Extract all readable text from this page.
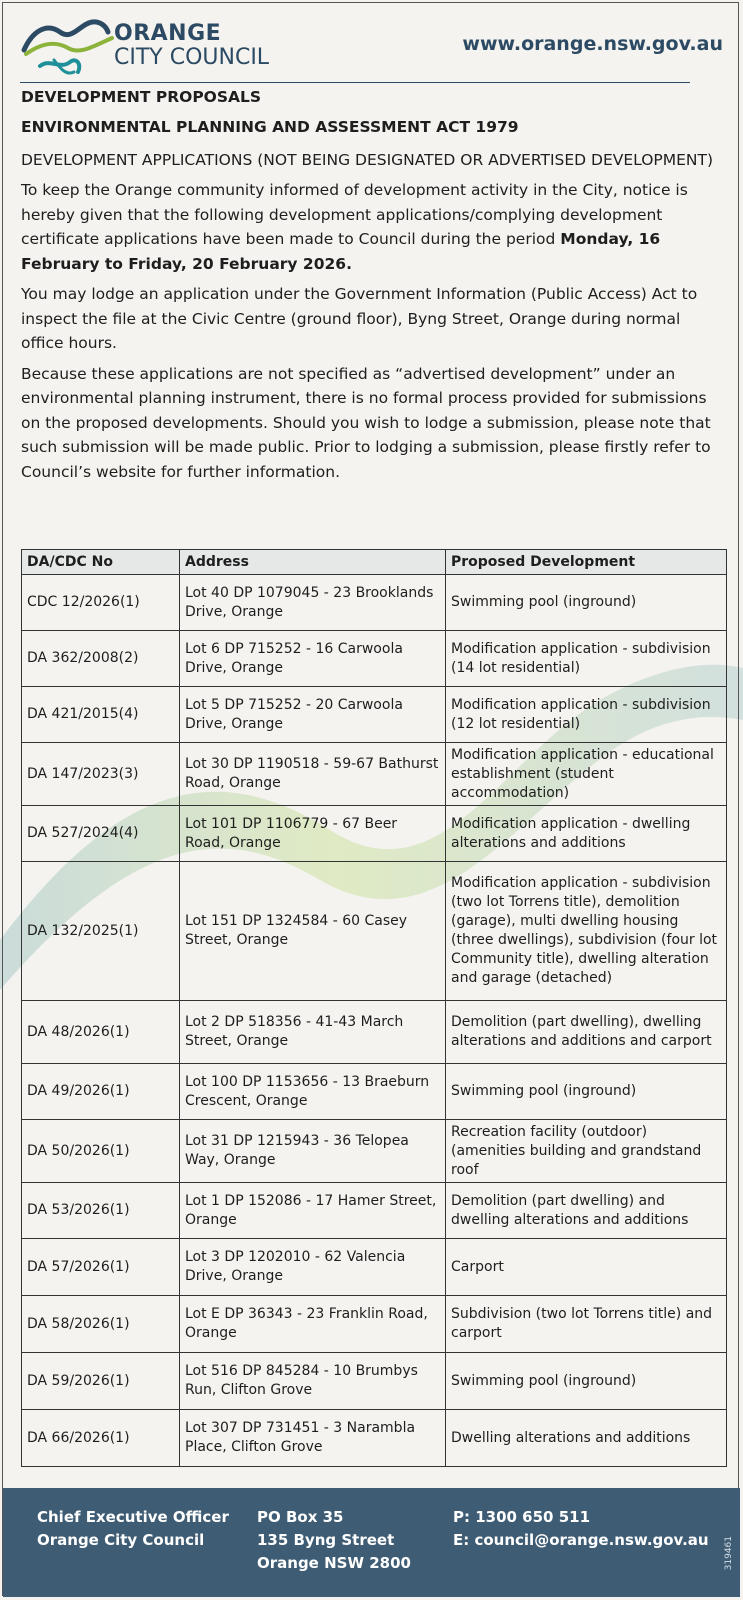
ORANGE
CITY COUNCIL
www.orange.nsw.gov.au
DEVELOPMENT PROPOSALS
ENVIRONMENTAL PLANNING AND ASSESSMENT ACT 1979
DEVELOPMENT APPLICATIONS (NOT BEING DESIGNATED OR ADVERTISED DEVELOPMENT)
To keep the Orange community informed of development activity in the City, notice is hereby given that the following development applications/complying development certificate applications have been made to Council during the period Monday, 16 February to Friday, 20 February 2026.
You may lodge an application under the Government Information (Public Access) Act to inspect the file at the Civic Centre (ground floor), Byng Street, Orange during normal office hours.
Because these applications are not specified as “advertised development” under an environmental planning instrument, there is no formal process provided for submissions on the proposed developments. Should you wish to lodge a submission, please note that such submission will be made public. Prior to lodging a submission, please firstly refer to Council’s website for further information.
DA/CDC No	Address	Proposed Development
CDC 12/2026(1)	Lot 40 DP 1079045 - 23 Brooklands Drive, Orange	Swimming pool (inground)
DA 362/2008(2)	Lot 6 DP 715252 - 16 Carwoola Drive, Orange	Modification application - subdivision (14 lot residential)
DA 421/2015(4)	Lot 5 DP 715252 - 20 Carwoola Drive, Orange	Modification application - subdivision (12 lot residential)
DA 147/2023(3)	Lot 30 DP 1190518 - 59-67 Bathurst Road, Orange	Modification application - educational establishment (student accommodation)
DA 527/2024(4)	Lot 101 DP 1106779 - 67 Beer Road, Orange	Modification application - dwelling alterations and additions
DA 132/2025(1)	Lot 151 DP 1324584 - 60 Casey Street, Orange	Modification application - subdivision (two lot Torrens title), demolition (garage), multi dwelling housing (three dwellings), subdivision (four lot Community title), dwelling alteration and garage (detached)
DA 48/2026(1)	Lot 2 DP 518356 - 41-43 March Street, Orange	Demolition (part dwelling), dwelling alterations and additions and carport
DA 49/2026(1)	Lot 100 DP 1153656 - 13 Braeburn Crescent, Orange	Swimming pool (inground)
DA 50/2026(1)	Lot 31 DP 1215943 - 36 Telopea Way, Orange	Recreation facility (outdoor) (amenities building and grandstand roof
DA 53/2026(1)	Lot 1 DP 152086 - 17 Hamer Street, Orange	Demolition (part dwelling) and dwelling alterations and additions
DA 57/2026(1)	Lot 3 DP 1202010 - 62 Valencia Drive, Orange	Carport
DA 58/2026(1)	Lot E DP 36343 - 23 Franklin Road, Orange	Subdivision (two lot Torrens title) and carport
DA 59/2026(1)	Lot 516 DP 845284 - 10 Brumbys Run, Clifton Grove	Swimming pool (inground)
DA 66/2026(1)	Lot 307 DP 731451 - 3 Narambla Place, Clifton Grove	Dwelling alterations and additions
Chief Executive Officer
Orange City Council
PO Box 35
135 Byng Street
Orange NSW 2800
P: 1300 650 511
E: council@orange.nsw.gov.au 319461
